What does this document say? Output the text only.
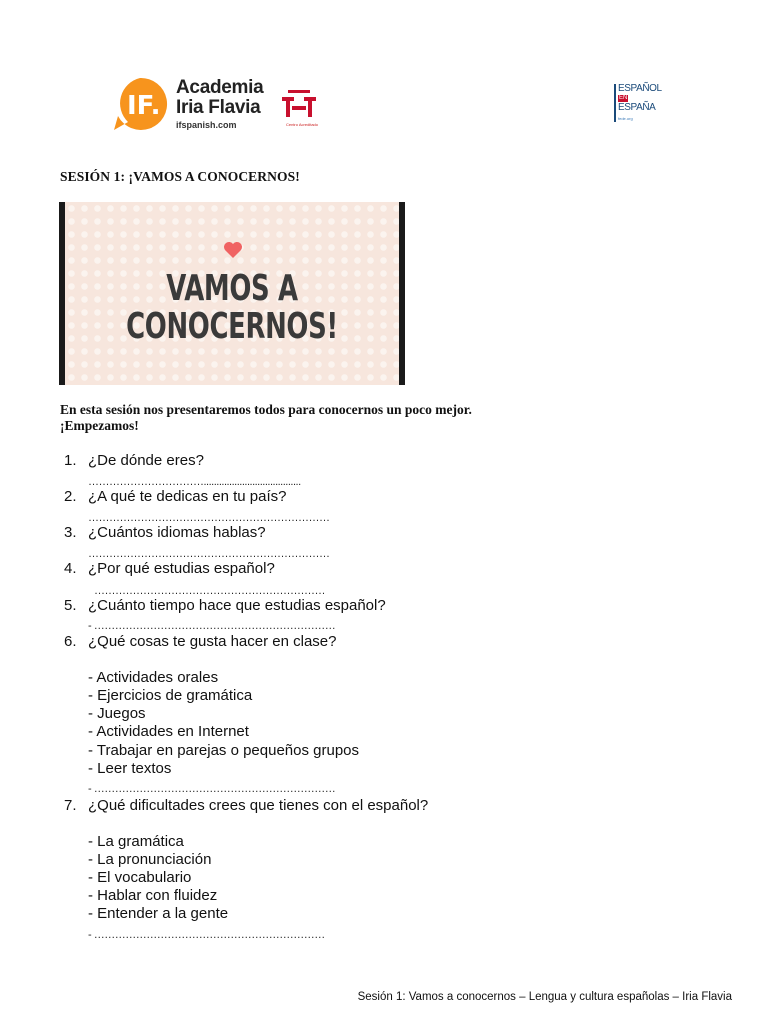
IF.
Academia
Iria Flavia
ifspanish.com	Centro Acreditado
ESPAÑOL
EN
ESPAÑA
fede.org
SESIÓN 1: ¡VAMOS A CONOCERNOS!
VAMOS A
CONOCERNOS!
En esta sesión nos presentaremos todos para conocernos un poco mejor.
¡Empezamos!
1. ¿De dónde eres?
……………………………......................................
2. ¿A qué te dedicas en tu país?
……………………………………………………………
3. ¿Cuántos idiomas hablas?
……………………………………………………………
4. ¿Por qué estudias español?
…………………………………………………………
5. ¿Cuánto tiempo hace que estudias español?
- ……………………………………………………………
6. ¿Qué cosas te gusta hacer en clase?
- Actividades orales
- Ejercicios de gramática
- Juegos
- Actividades en Internet
- Trabajar en parejas o pequeños grupos
- Leer textos
- ……………………………………………………………
7. ¿Qué dificultades crees que tienes con el español?
- La gramática
- La pronunciación
- El vocabulario
- Hablar con fluidez
- Entender a la gente
- …………………………………………………………
Sesión 1: Vamos a conocernos – Lengua y cultura españolas – Iria Flavia
